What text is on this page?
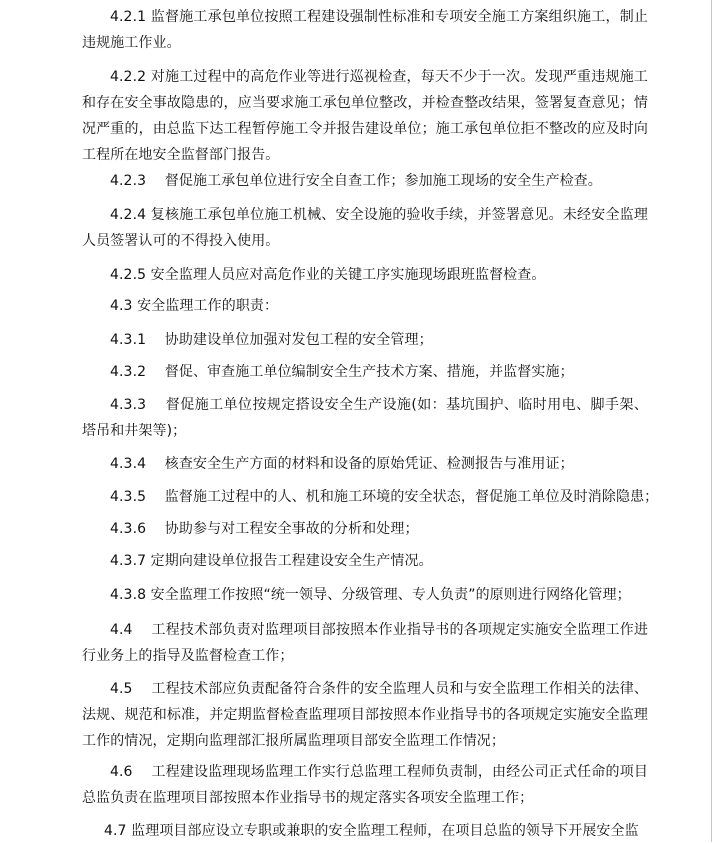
4.2.1 监督施工承包单位按照工程建设强制性标准和专项安全施工方案组织施工，制止违规施工作业。

4.2.2 对施工过程中的高危作业等进行巡视检查，每天不少于一次。发现严重违规施工和存在安全事故隐患的，应当要求施工承包单位整改，并检查整改结果，签署复查意见；情况严重的，由总监下达工程暂停施工令并报告建设单位；施工承包单位拒不整改的应及时向工程所在地安全监督部门报告。

4.2.3　 督促施工承包单位进行安全自查工作；参加施工现场的安全生产检查。

4.2.4 复核施工承包单位施工机械、安全设施的验收手续，并签署意见。未经安全监理人员签署认可的不得投入使用。

4.2.5 安全监理人员应对高危作业的关键工序实施现场跟班监督检查。

4.3 安全监理工作的职责：

4.3.1　 协助建设单位加强对发包工程的安全管理；

4.3.2　 督促、审查施工单位编制安全生产技术方案、措施，并监督实施；

4.3.3　 督促施工单位按规定搭设安全生产设施(如：基坑围护、临时用电、脚手架、塔吊和井架等)；

4.3.4　 核查安全生产方面的材料和设备的原始凭证、检测报告与准用证；

4.3.5　 监督施工过程中的人、机和施工环境的安全状态，督促施工单位及时消除隐患；

4.3.6　 协助参与对工程安全事故的分析和处理；

4.3.7 定期向建设单位报告工程建设安全生产情况。

4.3.8 安全监理工作按照“统一领导、分级管理、专人负责”的原则进行网络化管理；

4.4　 工程技术部负责对监理项目部按照本作业指导书的各项规定实施安全监理工作进行业务上的指导及监督检查工作；

4.5　 工程技术部应负责配备符合条件的安全监理人员和与安全监理工作相关的法律、法规、规范和标准，并定期监督检查监理项目部按照本作业指导书的各项规定实施安全监理工作的情况，定期向监理部汇报所属监理项目部安全监理工作情况；

4.6　 工程建设监理现场监理工作实行总监理工程师负责制，由经公司正式任命的项目总监负责在监理项目部按照本作业指导书的规定落实各项安全监理工作；

4.7 监理项目部应设立专职或兼职的安全监理工程师，在项目总监的领导下开展安全监
